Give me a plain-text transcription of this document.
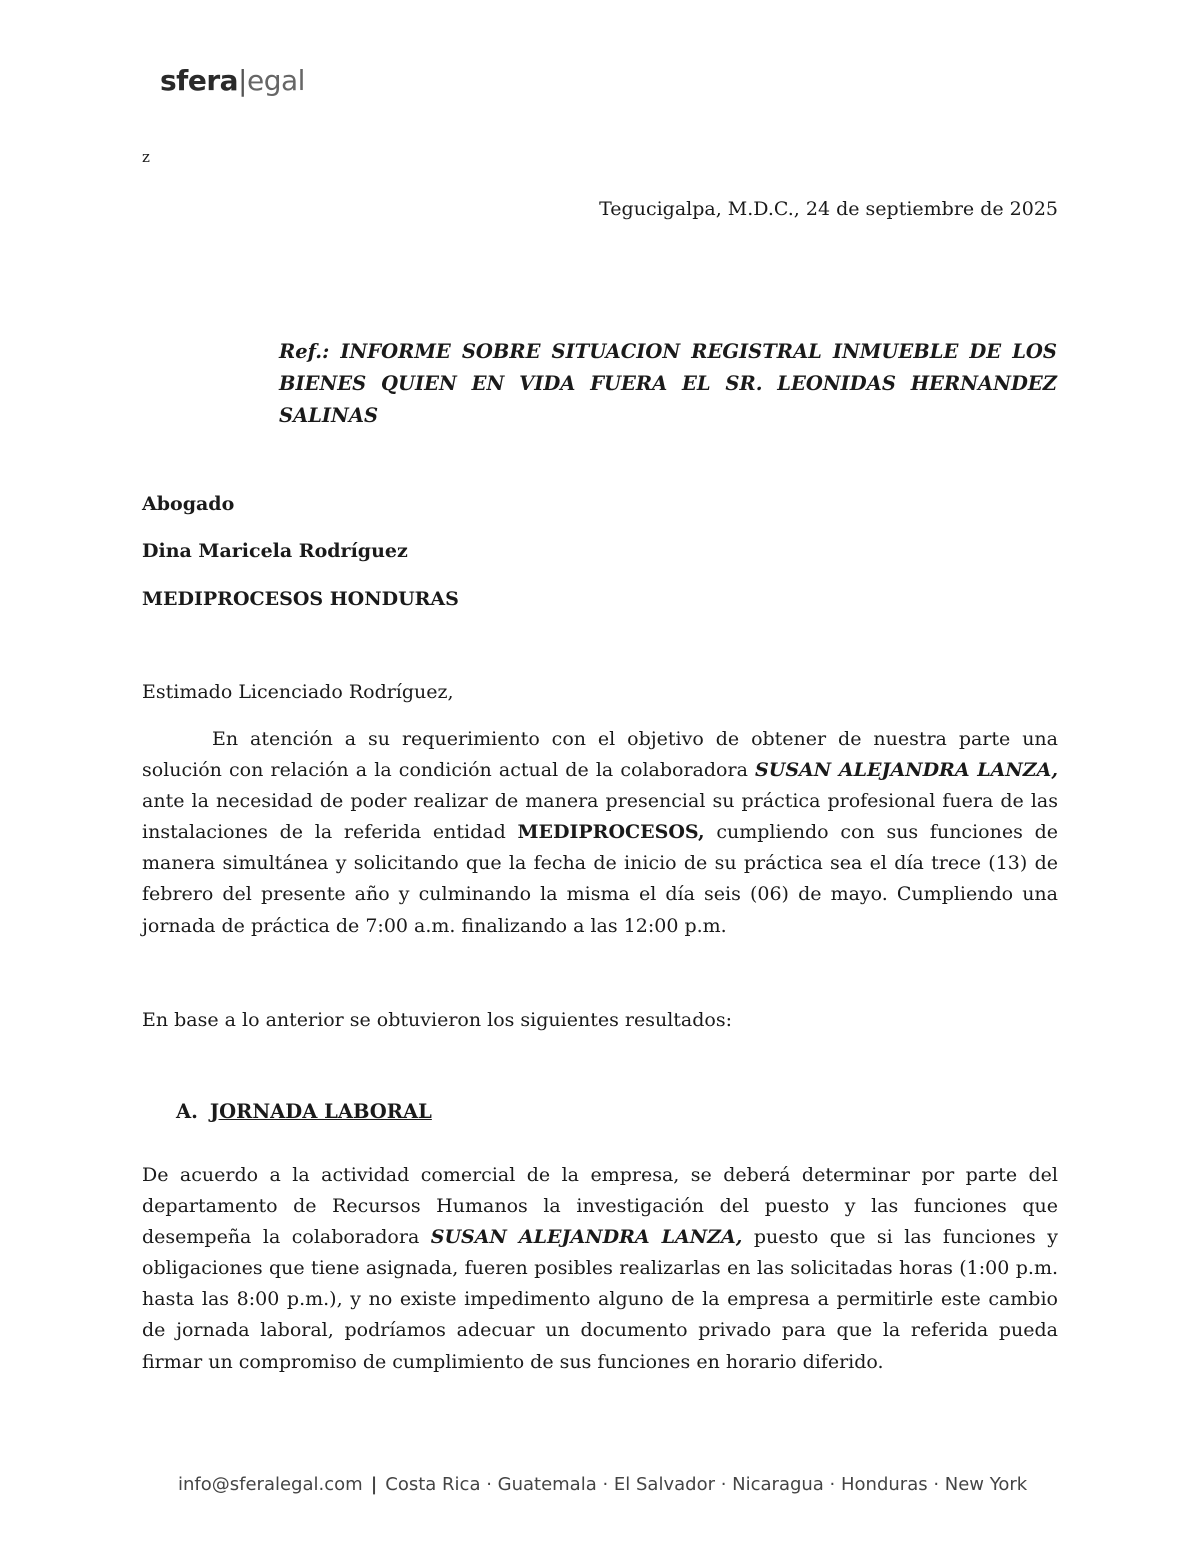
sfera|egal
z
Tegucigalpa, M.D.C., 24 de septiembre de 2025
Ref.: INFORME SOBRE SITUACION REGISTRAL INMUEBLE DE LOS BIENES QUIEN EN VIDA FUERA EL SR. LEONIDAS HERNANDEZ SALINAS
Abogado
Dina Maricela Rodríguez
MEDIPROCESOS HONDURAS
Estimado Licenciado Rodríguez,
En atención a su requerimiento con el objetivo de obtener de nuestra parte una solución con relación a la condición actual de la colaboradora SUSAN ALEJANDRA LANZA, ante la necesidad de poder realizar de manera presencial su práctica profesional fuera de las instalaciones de la referida entidad MEDIPROCESOS, cumpliendo con sus funciones de manera simultánea y solicitando que la fecha de inicio de su práctica sea el día trece (13) de febrero del presente año y culminando la misma el día seis (06) de mayo. Cumpliendo una jornada de práctica de 7:00 a.m. finalizando a las 12:00 p.m.
En base a lo anterior se obtuvieron los siguientes resultados:
A. JORNADA LABORAL
De acuerdo a la actividad comercial de la empresa, se deberá determinar por parte del departamento de Recursos Humanos la investigación del puesto y las funciones que desempeña la colaboradora SUSAN ALEJANDRA LANZA, puesto que si las funciones y obligaciones que tiene asignada, fueren posibles realizarlas en las solicitadas horas (1:00 p.m. hasta las 8:00 p.m.), y no existe impedimento alguno de la empresa a permitirle este cambio de jornada laboral, podríamos adecuar un documento privado para que la referida pueda firmar un compromiso de cumplimiento de sus funciones en horario diferido.
info@sferalegal.com | Costa Rica · Guatemala · El Salvador · Nicaragua · Honduras · New York
